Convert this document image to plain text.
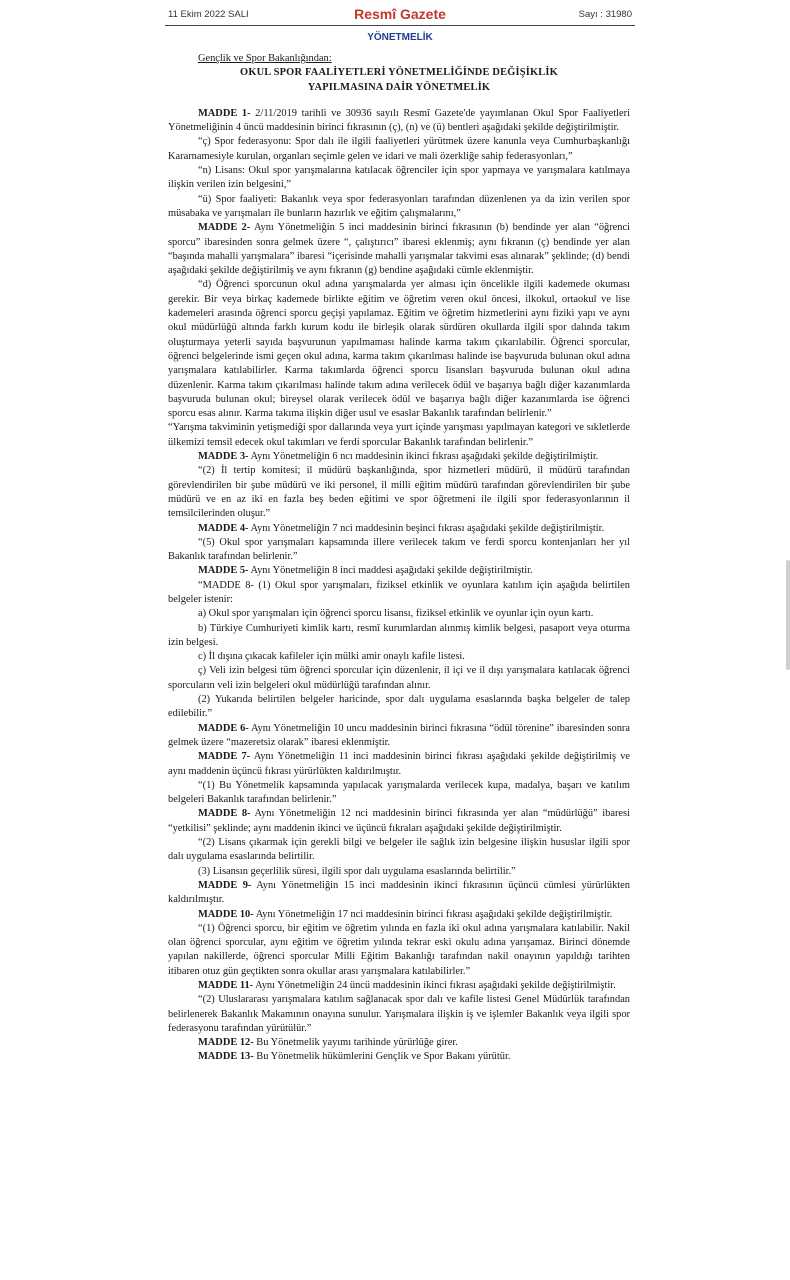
11 Ekim 2022 SALI	Resmî Gazete	Sayı : 31980
YÖNETMELİK
Gençlik ve Spor Bakanlığından:
OKUL SPOR FAALİYETLERİ YÖNETMELİĞİNDE DEĞİŞİKLİK
YAPILMASINA DAİR YÖNETMELİK

MADDE 1- 2/11/2019 tarihli ve 30936 sayılı Resmî Gazete'de yayımlanan Okul Spor Faaliyetleri Yönetmeliğinin 4 üncü maddesinin birinci fıkrasının (ç), (n) ve (ü) bentleri aşağıdaki şekilde değiştirilmiştir.

“ç) Spor federasyonu: Spor dalı ile ilgili faaliyetleri yürütmek üzere kanunla veya Cumhurbaşkanlığı Kararnamesiyle kurulan, organları seçimle gelen ve idari ve mali özerkliğe sahip federasyonları,”

“n) Lisans: Okul spor yarışmalarına katılacak öğrenciler için spor yapmaya ve yarışmalara katılmaya ilişkin verilen izin belgesini,”

“ü) Spor faaliyeti: Bakanlık veya spor federasyonları tarafından düzenlenen ya da izin verilen spor müsabaka ve yarışmaları ile bunların hazırlık ve eğitim çalışmalarını,”

MADDE 2- Aynı Yönetmeliğin 5 inci maddesinin birinci fıkrasının (b) bendinde yer alan “öğrenci sporcu” ibaresinden sonra gelmek üzere “, çalıştırıcı” ibaresi eklenmiş; aynı fıkranın (ç) bendinde yer alan “başında mahalli yarışmalara” ibaresi “içerisinde mahalli yarışmalar takvimi esas alınarak” şeklinde; (d) bendi aşağıdaki şekilde değiştirilmiş ve aynı fıkranın (g) bendine aşağıdaki cümle eklenmiştir.

“d) Öğrenci sporcunun okul adına yarışmalarda yer alması için öncelikle ilgili kademede okuması gerekir. Bir veya birkaç kademede birlikte eğitim ve öğretim veren okul öncesi, ilkokul, ortaokul ve lise kademeleri arasında öğrenci sporcu geçişi yapılamaz. Eğitim ve öğretim hizmetlerini aynı fiziki yapı ve aynı okul müdürlüğü altında farklı kurum kodu ile birleşik olarak sürdüren okullarda ilgili spor dalında takım oluşturmaya yeterli sayıda başvurunun yapılmaması halinde karma takım çıkarılabilir. Öğrenci sporcular, öğrenci belgelerinde ismi geçen okul adına, karma takım çıkarılması halinde ise başvuruda bulunan okul adına yarışmalara katılabilirler. Karma takımlarda öğrenci sporcu lisansları başvuruda bulunan okul adına düzenlenir. Karma takım çıkarılması halinde takım adına verilecek ödül ve başarıya bağlı diğer kazanımlarda başvuruda bulunan okul; bireysel olarak verilecek ödül ve başarıya bağlı diğer kazanımlarda ise öğrenci sporcu esas alınır. Karma takıma ilişkin diğer usul ve esaslar Bakanlık tarafından belirlenir.”

“Yarışma takviminin yetişmediği spor dallarında veya yurt içinde yarışması yapılmayan kategori ve sıkletlerde ülkemizi temsil edecek okul takımları ve ferdi sporcular Bakanlık tarafından belirlenir.”

MADDE 3- Aynı Yönetmeliğin 6 ncı maddesinin ikinci fıkrası aşağıdaki şekilde değiştirilmiştir.

“(2) İl tertip komitesi; il müdürü başkanlığında, spor hizmetleri müdürü, il müdürü tarafından görevlendirilen bir şube müdürü ve iki personel, il milli eğitim müdürü tarafından görevlendirilen bir şube müdürü ve en az iki en fazla beş beden eğitimi ve spor öğretmeni ile ilgili spor federasyonlarının il temsilcilerinden oluşur.”

MADDE 4- Aynı Yönetmeliğin 7 nci maddesinin beşinci fıkrası aşağıdaki şekilde değiştirilmiştir.

“(5) Okul spor yarışmaları kapsamında illere verilecek takım ve ferdi sporcu kontenjanları her yıl Bakanlık tarafından belirlenir.”

MADDE 5- Aynı Yönetmeliğin 8 inci maddesi aşağıdaki şekilde değiştirilmiştir.

“MADDE 8- (1) Okul spor yarışmaları, fiziksel etkinlik ve oyunlara katılım için aşağıda belirtilen belgeler istenir:

a) Okul spor yarışmaları için öğrenci sporcu lisansı, fiziksel etkinlik ve oyunlar için oyun kartı.

b) Türkiye Cumhuriyeti kimlik kartı, resmî kurumlardan alınmış kimlik belgesi, pasaport veya oturma izin belgesi.

c) İl dışına çıkacak kafileler için mülki amir onaylı kafile listesi.

ç) Veli izin belgesi tüm öğrenci sporcular için düzenlenir, il içi ve il dışı yarışmalara katılacak öğrenci sporcuların veli izin belgeleri okul müdürlüğü tarafından alınır.

(2) Yukarıda belirtilen belgeler haricinde, spor dalı uygulama esaslarında başka belgeler de talep edilebilir.”

MADDE 6- Aynı Yönetmeliğin 10 uncu maddesinin birinci fıkrasına “ödül törenine” ibaresinden sonra gelmek üzere “mazeretsiz olarak” ibaresi eklenmiştir.

MADDE 7- Aynı Yönetmeliğin 11 inci maddesinin birinci fıkrası aşağıdaki şekilde değiştirilmiş ve aynı maddenin üçüncü fıkrası yürürlükten kaldırılmıştır.

“(1) Bu Yönetmelik kapsamında yapılacak yarışmalarda verilecek kupa, madalya, başarı ve katılım belgeleri Bakanlık tarafından belirlenir.”

MADDE 8- Aynı Yönetmeliğin 12 nci maddesinin birinci fıkrasında yer alan “müdürlüğü” ibaresi “yetkilisi” şeklinde; aynı maddenin ikinci ve üçüncü fıkraları aşağıdaki şekilde değiştirilmiştir.

“(2) Lisans çıkarmak için gerekli bilgi ve belgeler ile sağlık izin belgesine ilişkin hususlar ilgili spor dalı uygulama esaslarında belirtilir.

(3) Lisansın geçerlilik süresi, ilgili spor dalı uygulama esaslarında belirtilir.”

MADDE 9- Aynı Yönetmeliğin 15 inci maddesinin ikinci fıkrasının üçüncü cümlesi yürürlükten kaldırılmıştır.

MADDE 10- Aynı Yönetmeliğin 17 nci maddesinin birinci fıkrası aşağıdaki şekilde değiştirilmiştir.

“(1) Öğrenci sporcu, bir eğitim ve öğretim yılında en fazla iki okul adına yarışmalara katılabilir. Nakil olan öğrenci sporcular, aynı eğitim ve öğretim yılında tekrar eski okulu adına yarışamaz. Birinci dönemde yapılan nakillerde, öğrenci sporcular Milli Eğitim Bakanlığı tarafından nakil onayının yapıldığı tarihten itibaren otuz gün geçtikten sonra okullar arası yarışmalara katılabilirler.”

MADDE 11- Aynı Yönetmeliğin 24 üncü maddesinin ikinci fıkrası aşağıdaki şekilde değiştirilmiştir.

“(2) Uluslararası yarışmalara katılım sağlanacak spor dalı ve kafile listesi Genel Müdürlük tarafından belirlenerek Bakanlık Makamının onayına sunulur. Yarışmalara ilişkin iş ve işlemler Bakanlık veya ilgili spor federasyonu tarafından yürütülür.”

MADDE 12- Bu Yönetmelik yayımı tarihinde yürürlüğe girer.

MADDE 13- Bu Yönetmelik hükümlerini Gençlik ve Spor Bakanı yürütür.
